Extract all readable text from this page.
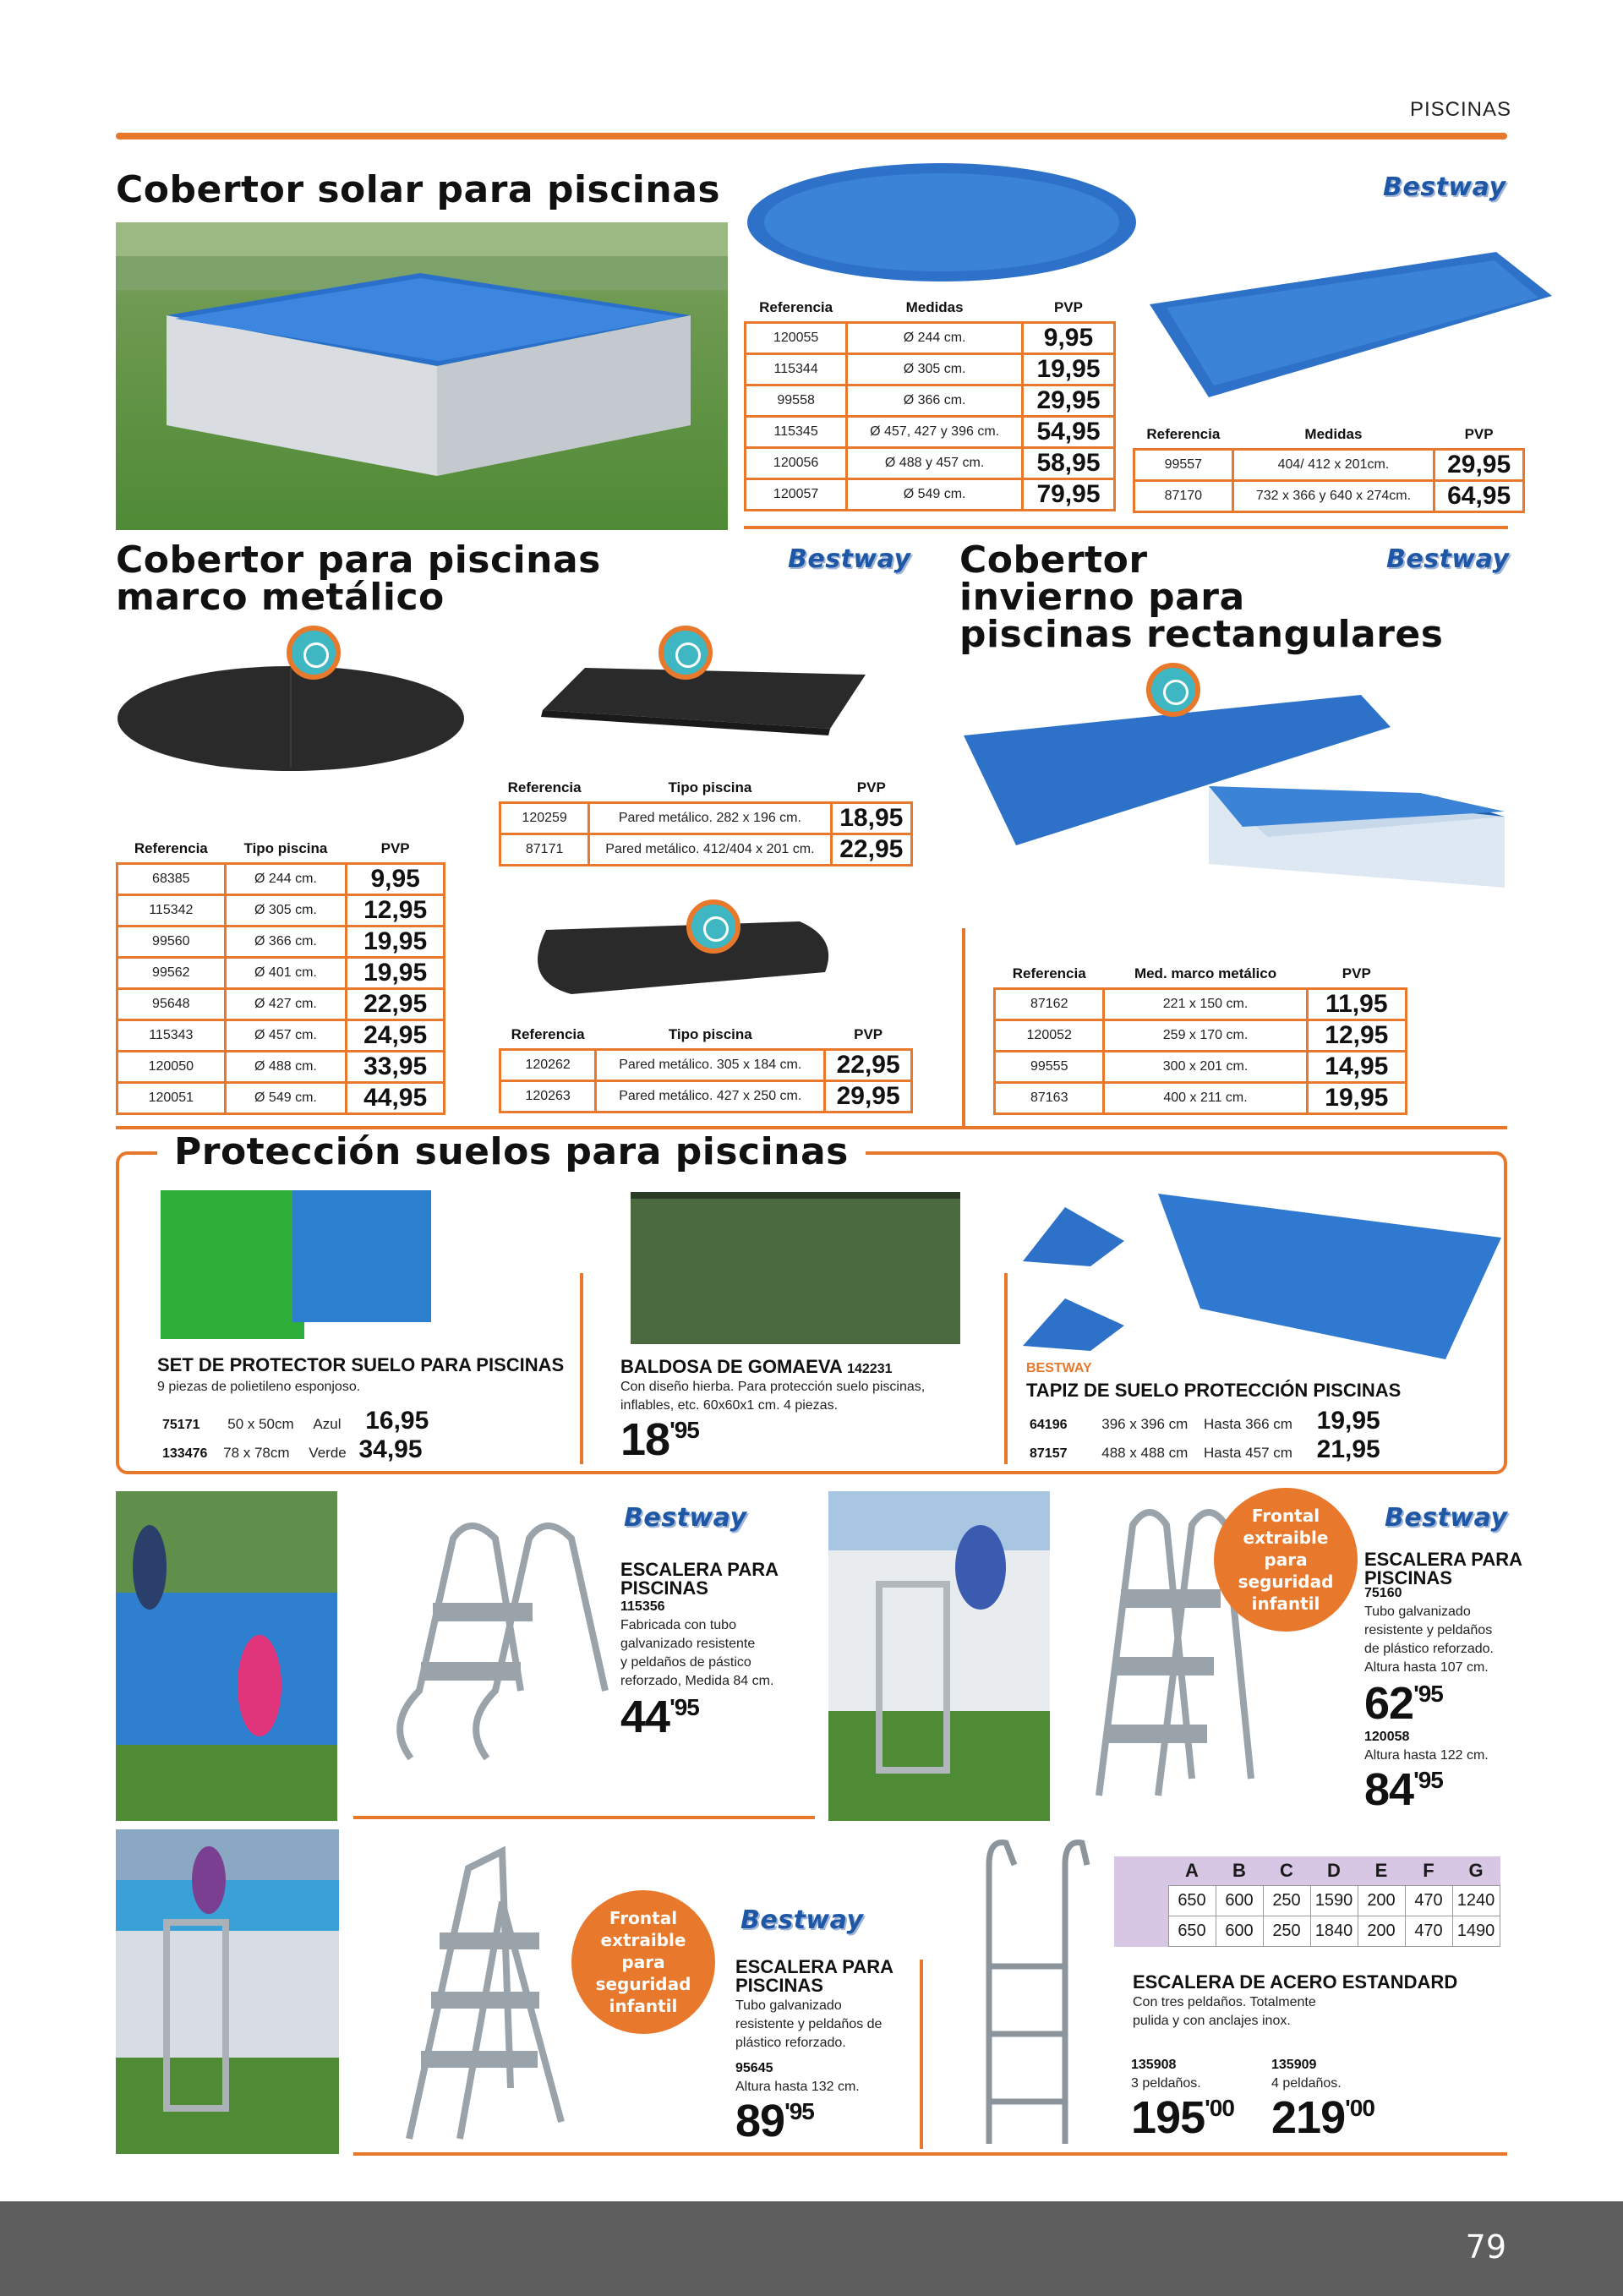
PISCINAS
Cobertor solar para piscinas	Bestway
Referencia	Medidas	PVP
120055	Ø 244 cm.	9,95
115344	Ø 305 cm.	19,95
99558	Ø 366 cm.	29,95
115345	Ø 457, 427 y 396 cm.	54,95
120056	Ø 488 y 457 cm.	58,95
120057	Ø 549 cm.	79,95
Referencia	Medidas	PVP
99557	404/ 412 x 201cm.	29,95
87170	732 x 366 y 640 x 274cm.	64,95
Cobertor para piscinas
marco metálico
Bestway
Referencia	Tipo piscina	PVP
120259	Pared metálico. 282 x 196 cm.	18,95
87171	Pared metálico. 412/404 x 201 cm.	22,95
Referencia	Tipo piscina	PVP
68385	Ø 244 cm.	9,95
115342	Ø 305 cm.	12,95
99560	Ø 366 cm.	19,95
99562	Ø 401 cm.	19,95
95648	Ø 427 cm.	22,95
115343	Ø 457 cm.	24,95
120050	Ø 488 cm.	33,95
120051	Ø 549 cm.	44,95
Referencia	Tipo piscina	PVP
120262	Pared metálico. 305 x 184 cm.	22,95
120263	Pared metálico. 427 x 250 cm.	29,95
Cobertor
invierno para
piscinas rectangulares
Bestway
Referencia	Med. marco metálico	PVP
87162	221 x 150 cm.	11,95
120052	259 x 170 cm.	12,95
99555	300 x 201 cm.	14,95
87163	400 x 211 cm.	19,95
Protección suelos para piscinas
SET DE PROTECTOR SUELO PARA PISCINAS
9 piezas de polietileno esponjoso.
75171 50 x 50cm Azul 16,95
133476 78 x 78cm Verde 34,95
BALDOSA DE GOMAEVA 142231
Con diseño hierba. Para protección suelo piscinas,
inflables, etc. 60x60x1 cm. 4 piezas.
$18^{'95}$
BESTWAY
TAPIZ DE SUELO PROTECCIÓN PISCINAS
64196 396 x 396 cm Hasta 366 cm 19,95
87157 488 x 488 cm Hasta 457 cm 21,95
Bestway
ESCALERA PARA PISCINAS
115356
Fabricada con tubo
galvanizado resistente
y peldaños de pástico
reforzado, Medida 84 cm.
$44^{'95}$
Frontal extraible para seguridad infantil
Bestway
ESCALERA PARA PISCINAS
75160
Tubo galvanizado
resistente y peldaños
de plástico reforzado.
Altura hasta 107 cm.
$62^{'95}$
120058
Altura hasta 122 cm.
$84^{'95}$
Frontal extraible para seguridad infantil
Bestway
ESCALERA PARA PISCINAS
Tubo galvanizado
resistente y peldaños de
plástico reforzado.
95645
Altura hasta 132 cm.
$89^{'95}$
	A	B	C	D	E	F	G
	650	600	250	1590	200	470	1240
	650	600	250	1840	200	470	1490
ESCALERA DE ACERO ESTANDARD
Con tres peldaños. Totalmente
pulida y con anclajes inox.
135908
3 peldaños.
$195^{'00}$
135909
4 peldaños.
$219^{'00}$
79
